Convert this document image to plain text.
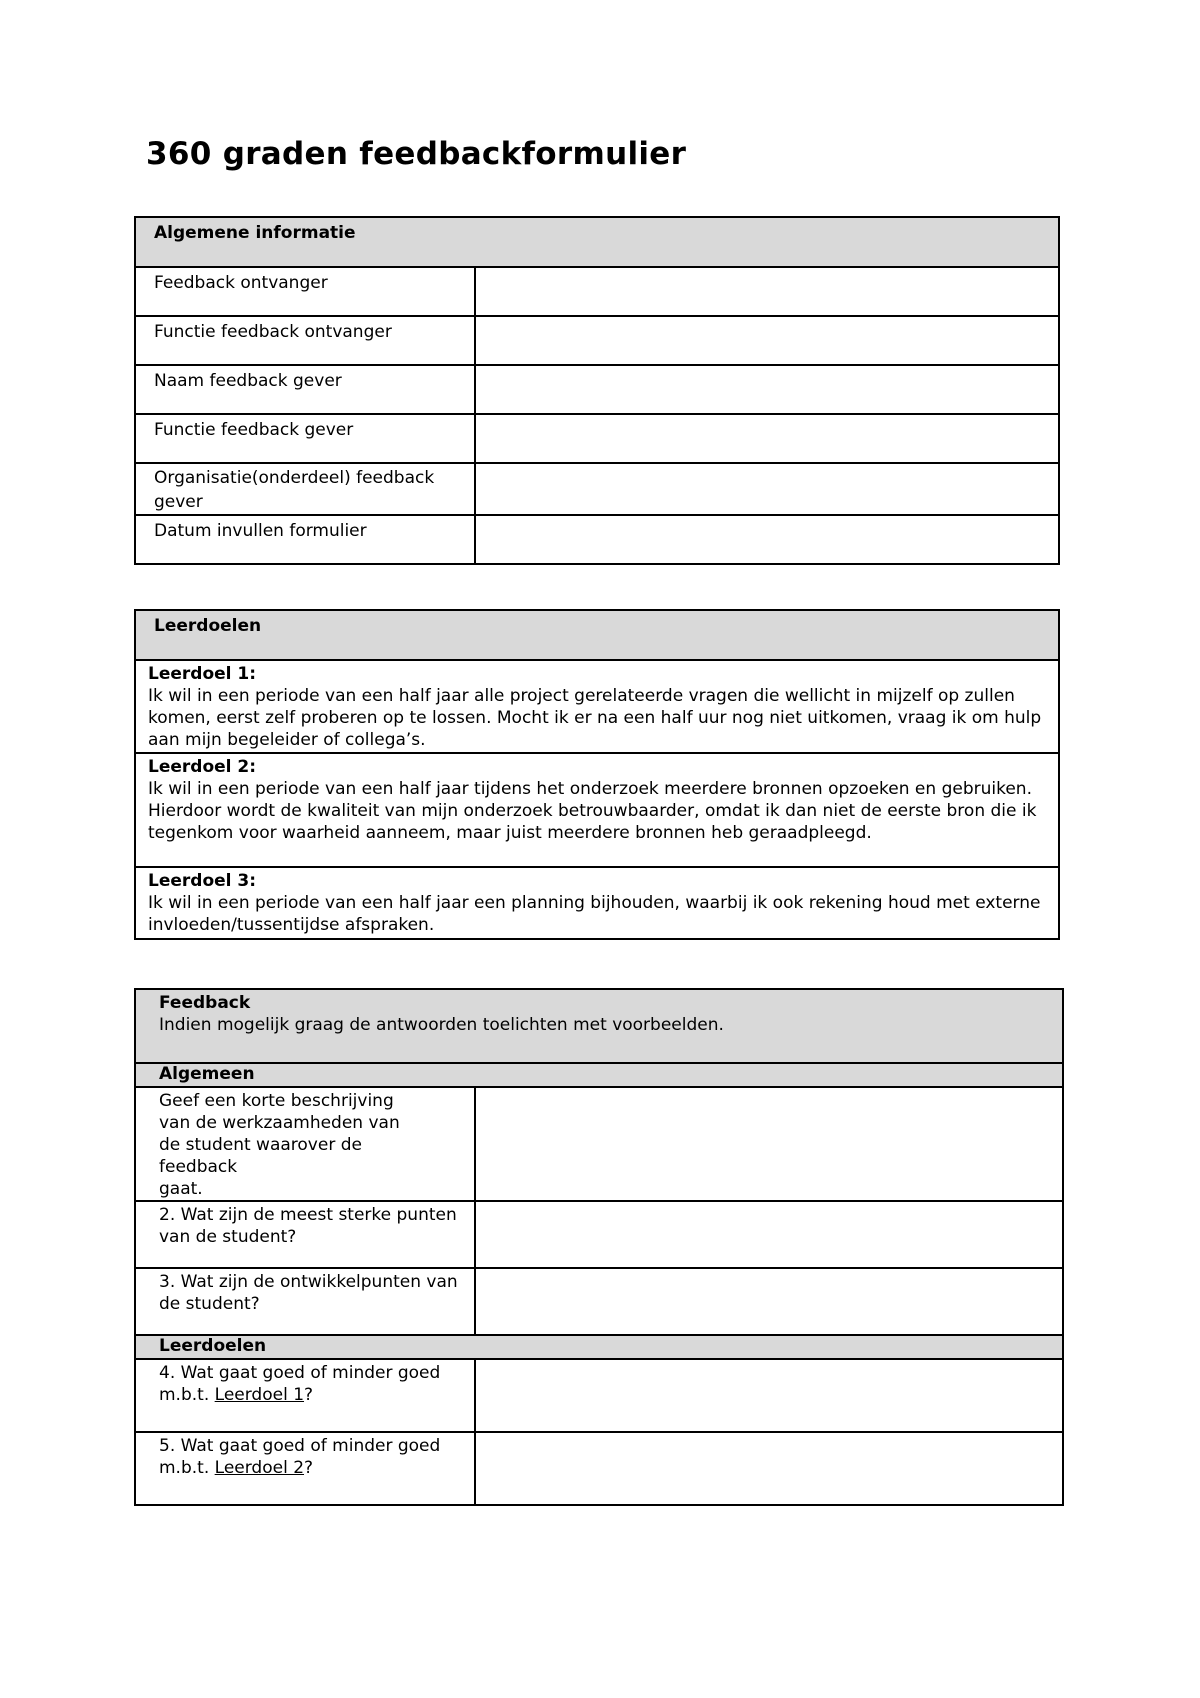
360 graden feedbackformulier
Algemene informatie	
Feedback ontvanger	
Functie feedback ontvanger	
Naam feedback gever	
Functie feedback gever	
Organisatie(onderdeel) feedback gever	
Datum invullen formulier	
Leerdoelen

Leerdoel 1:
Ik wil in een periode van een half jaar alle project gerelateerde vragen die wellicht in mijzelf op zullen komen, eerst zelf proberen op te lossen. Mocht ik er na een half uur nog niet uitkomen, vraag ik om hulp aan mijn begeleider of collega’s.

Leerdoel 2:
Ik wil in een periode van een half jaar tijdens het onderzoek meerdere bronnen opzoeken en gebruiken. Hierdoor wordt de kwaliteit van mijn onderzoek betrouwbaarder, omdat ik dan niet de eerste bron die ik tegenkom voor waarheid aanneem, maar juist meerdere bronnen heb geraadpleegd.

Leerdoel 3:
Ik wil in een periode van een half jaar een planning bijhouden, waarbij ik ook rekening houd met externe invloeden/tussentijdse afspraken.
Feedback
Indien mogelijk graag de antwoorden toelichten met voorbeelden.	
Algemeen	

Geef een korte beschrijving
van de werkzaamheden van
de student waarover de
feedback
gaat.	

2. Wat zijn de meest sterke punten van de student?	
3. Wat zijn de ontwikkelpunten van de student?	
Leerdoelen	
4. Wat gaat goed of minder goed
m.b.t. Leerdoel 1?	
5. Wat gaat goed of minder goed
m.b.t. Leerdoel 2?	
